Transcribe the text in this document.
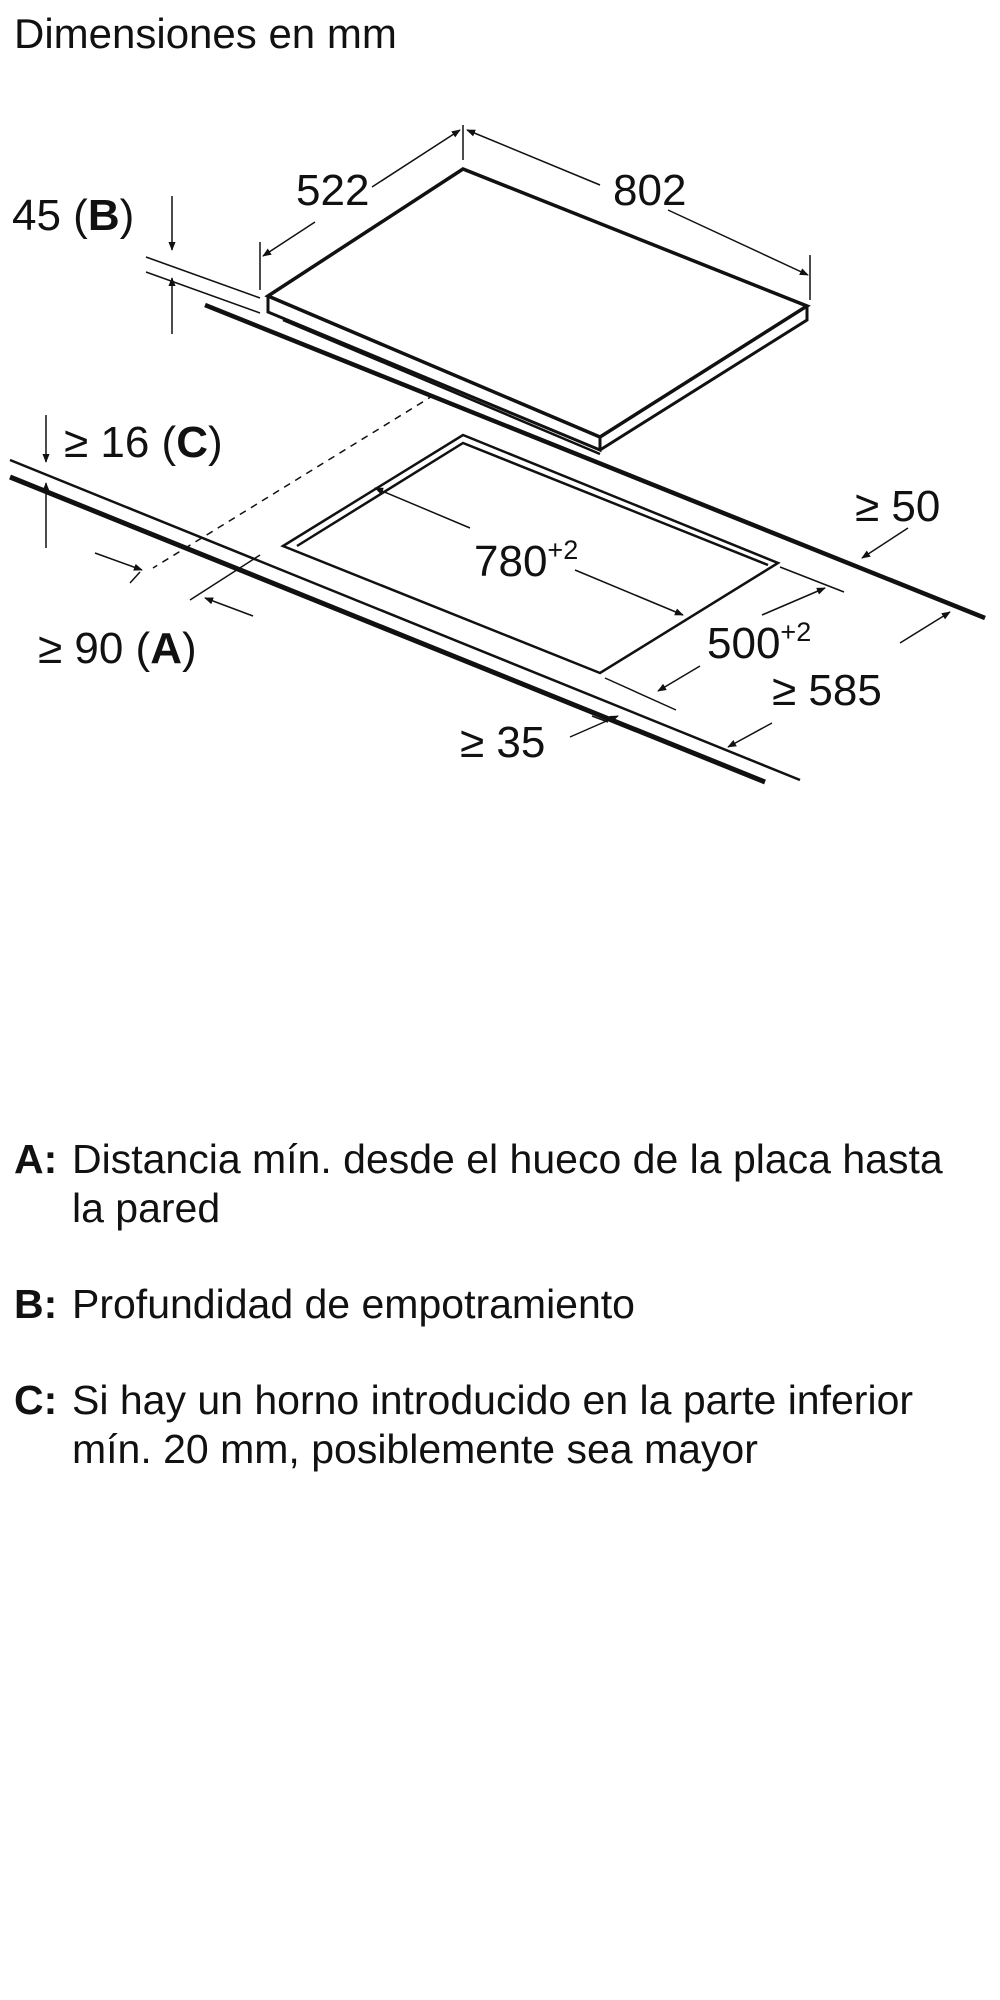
Dimensiones en mm
522	802
45 (B)
≥ 16 (C)
≥ 90 (A)
$780^{+2}$
$500^{+2}$
≥ 50
≥ 585
≥ 35
A: Distancia mín. desde el hueco de la placa hasta la pared
B: Profundidad de empotramiento
C: Si hay un horno introducido en la parte inferior mín. 20 mm, posiblemente sea mayor
